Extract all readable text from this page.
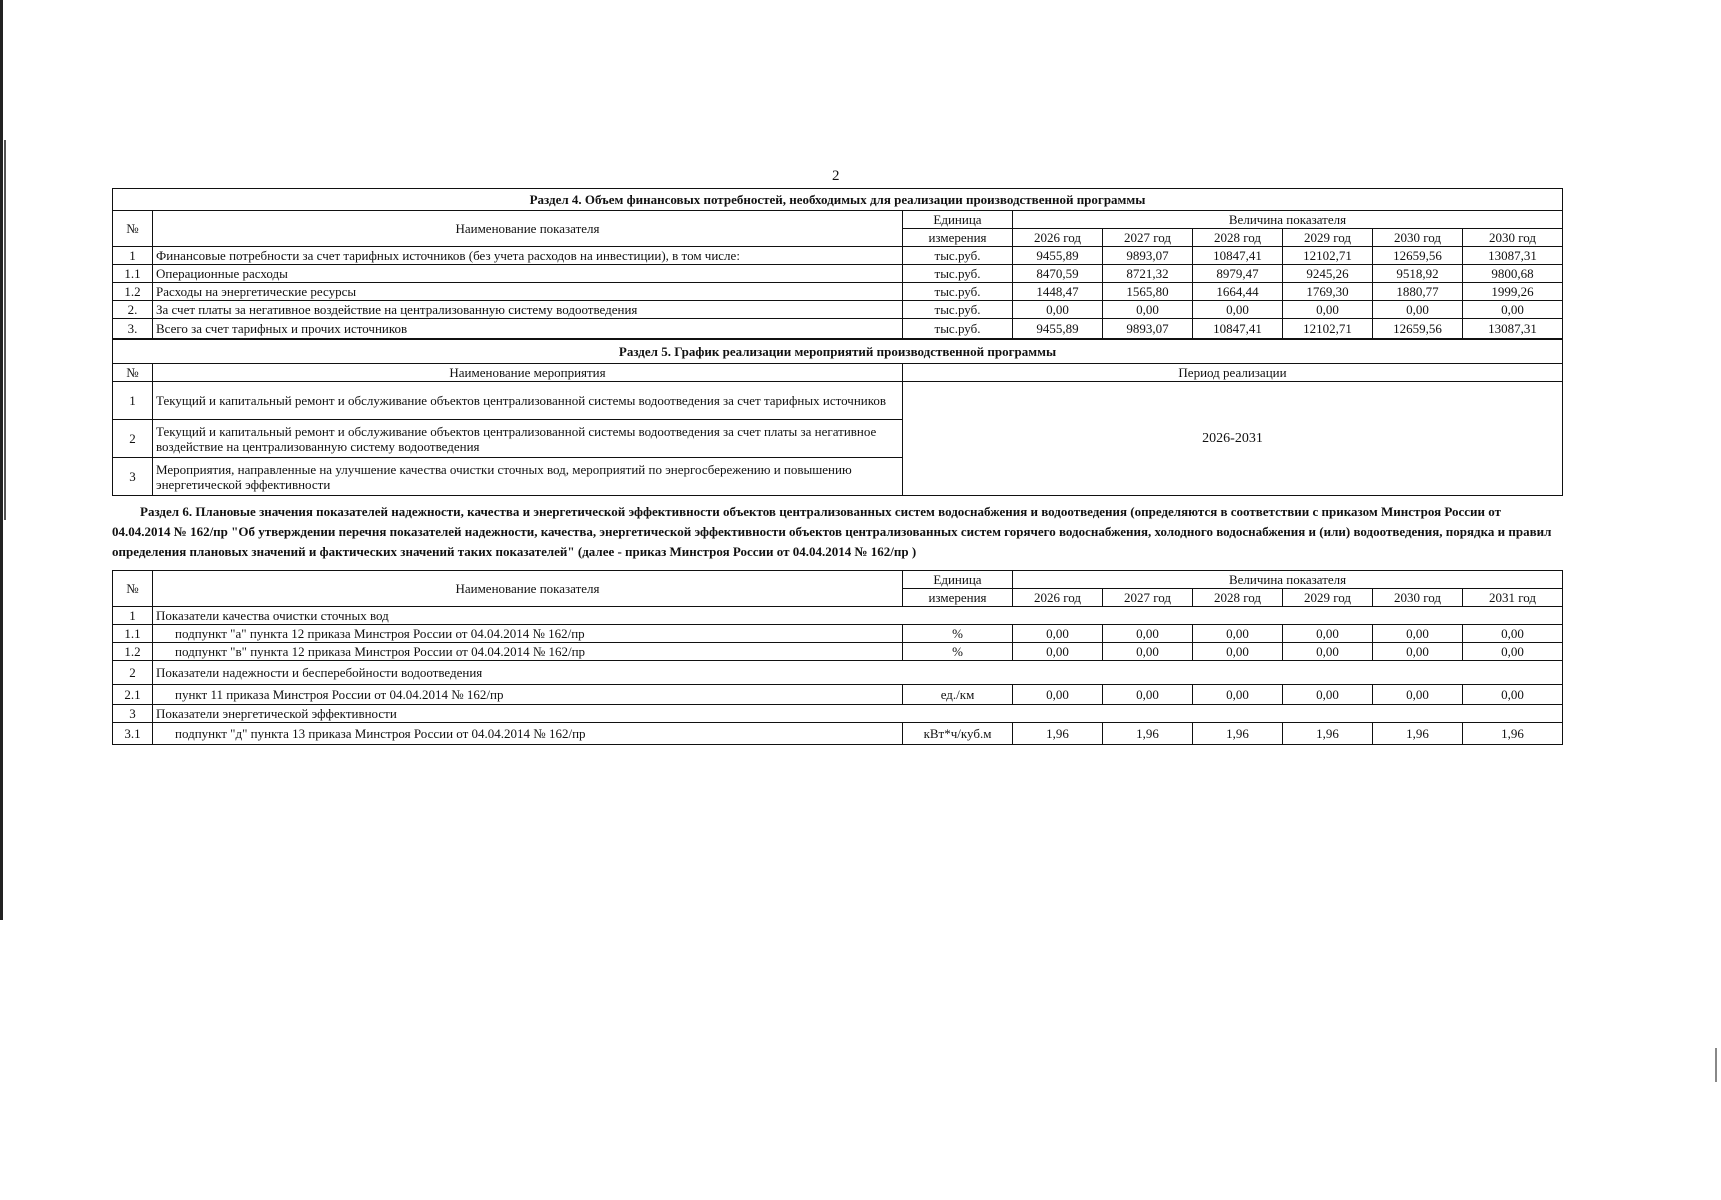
2
Раздел 4. Объем финансовых потребностей, необходимых для реализации производственной программы								
№	Наименование показателя	Единица	Величина показателя					
		измерения	2026 год	2027 год	2028 год	2029 год	2030 год	2030 год
1	Финансовые потребности за счет тарифных источников (без учета расходов на инвестиции), в том числе:	тыс.руб.	9455,89	9893,07	10847,41	12102,71	12659,56	13087,31
1.1	Операционные расходы	тыс.руб.	8470,59	8721,32	8979,47	9245,26	9518,92	9800,68
1.2	Расходы на энергетические ресурсы	тыс.руб.	1448,47	1565,80	1664,44	1769,30	1880,77	1999,26
2.	За счет платы за негативное воздействие на централизованную систему водоотведения	тыс.руб.	0,00	0,00	0,00	0,00	0,00	0,00
3.	Всего за счет тарифных и прочих источников	тыс.руб.	9455,89	9893,07	10847,41	12102,71	12659,56	13087,31
Раздел 5. График реализации мероприятий производственной программы		
№	Наименование мероприятия	Период реализации
1	Текущий и капитальный ремонт и обслуживание объектов централизованной системы водоотведения за счет тарифных источников	2026-2031
2	Текущий и капитальный ремонт и обслуживание объектов централизованной системы водоотведения за счет платы за негативное воздействие на централизованную систему водоотведения	
3	Мероприятия, направленные на улучшение качества очистки сточных вод, мероприятий по энергосбережению и повышению энергетической эффективности	
Раздел 6. Плановые значения показателей надежности, качества и энергетической эффективности объектов централизованных систем водоснабжения и водоотведения (определяются в соответствии с приказом Минстроя России от 04.04.2014 № 162/пр "Об утверждении перечня показателей надежности, качества, энергетической эффективности объектов централизованных систем горячего водоснабжения, холодного водоснабжения и (или) водоотведения, порядка и правил определения плановых значений и фактических значений таких показателей" (далее - приказ Минстроя России от 04.04.2014 № 162/пр )
№	Наименование показателя	Единица	Величина показателя					
		измерения	2026 год	2027 год	2028 год	2029 год	2030 год	2031 год
1	Показатели качества очистки сточных вод							
1.1	подпункт "а" пункта 12 приказа Минстроя России от 04.04.2014 № 162/пр	%	0,00	0,00	0,00	0,00	0,00	0,00
1.2	подпункт "в" пункта 12 приказа Минстроя России от 04.04.2014 № 162/пр	%	0,00	0,00	0,00	0,00	0,00	0,00
2	Показатели надежности и бесперебойности водоотведения							
2.1	пункт 11 приказа Минстроя России от 04.04.2014 № 162/пр	ед./км	0,00	0,00	0,00	0,00	0,00	0,00
3	Показатели энергетической эффективности							
3.1	подпункт "д" пункта 13 приказа Минстроя России от 04.04.2014 № 162/пр	кВт*ч/куб.м	1,96	1,96	1,96	1,96	1,96	1,96
